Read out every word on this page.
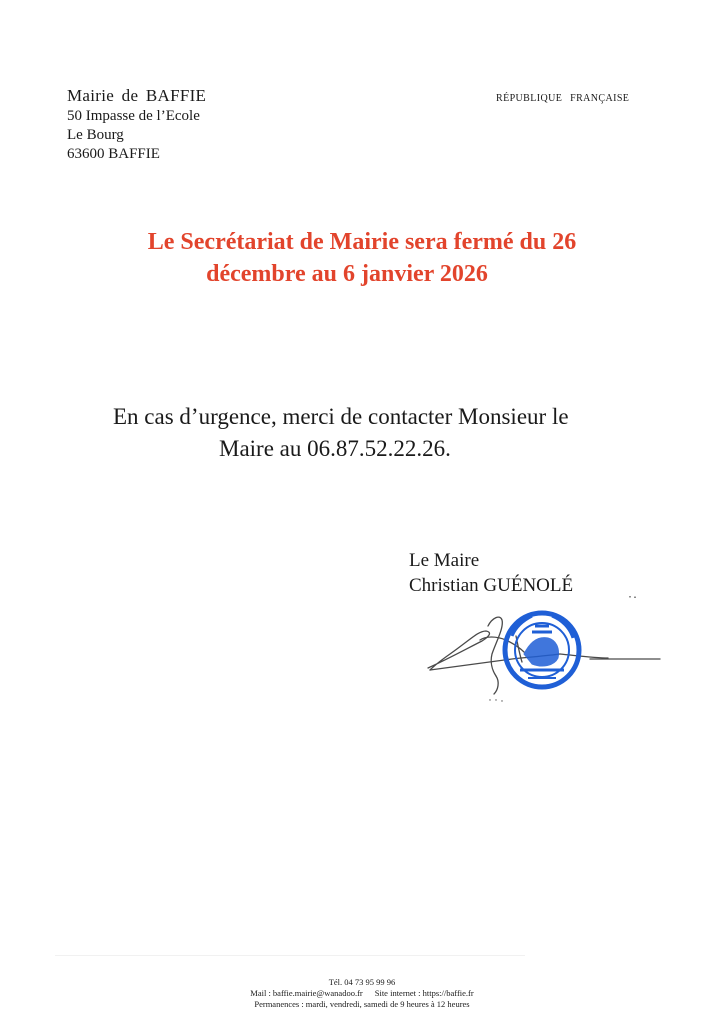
Mairie de BAFFIE
50 Impasse de l’Ecole
Le Bourg
63600 BAFFIE
RÉPUBLIQUE FRANÇAISE
Le Secrétariat de Mairie sera fermé du 26
décembre au 6 janvier 2026
En cas d’urgence, merci de contacter Monsieur le
Maire au 06.87.52.22.26.
Le Maire
Christian GUÉNOLÉ
Tél. 04 73 95 99 96
Mail : baffie.mairie@wanadoo.fr Site internet : https://baffie.fr
Permanences : mardi, vendredi, samedi de 9 heures à 12 heures
